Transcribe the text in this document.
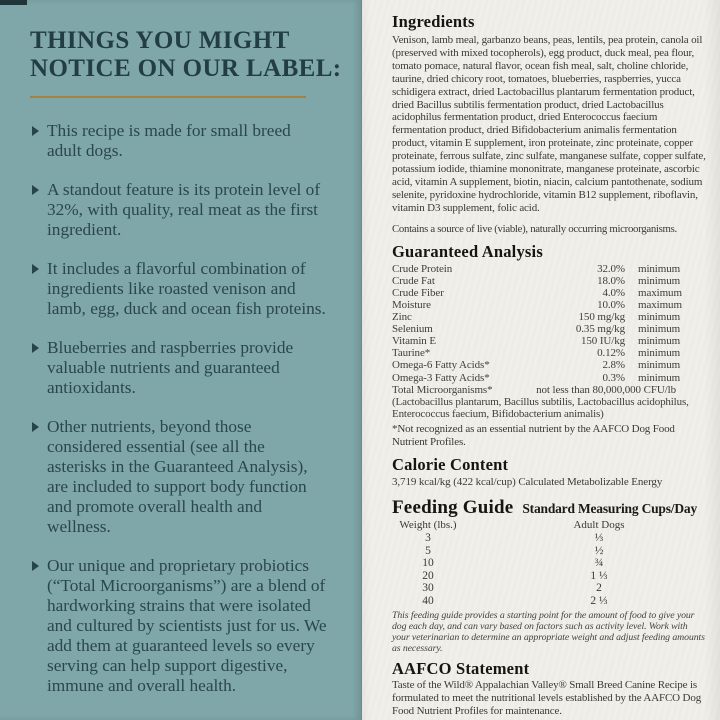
THINGS YOU MIGHT
NOTICE ON OUR LABEL:
This recipe is made for small breed
adult dogs.
A standout feature is its protein level of
32%, with quality, real meat as the first
ingredient.
It includes a flavorful combination of
ingredients like roasted venison and
lamb, egg, duck and ocean fish proteins.
Blueberries and raspberries provide
valuable nutrients and guaranteed
antioxidants.
Other nutrients, beyond those
considered essential (see all the
asterisks in the Guaranteed Analysis),
are included to support body function
and promote overall health and
wellness.
Our unique and proprietary probiotics
(“Total Microorganisms”) are a blend of
hardworking strains that were isolated
and cultured by scientists just for us. We
add them at guaranteed levels so every
serving can help support digestive,
immune and overall health.
Ingredients

Venison, lamb meal, garbanzo beans, peas, lentils, pea protein, canola oil (preserved with mixed tocopherols), egg product, duck meal, pea flour, tomato pomace, natural flavor, ocean fish meal, salt, choline chloride, taurine, dried chicory root, tomatoes, blueberries, raspberries, yucca schidigera extract, dried Lactobacillus plantarum fermentation product, dried Bacillus subtilis fermentation product, dried Lactobacillus acidophilus fermentation product, dried Enterococcus faecium fermentation product, dried Bifidobacterium animalis fermentation product, vitamin E supplement, iron proteinate, zinc proteinate, copper proteinate, ferrous sulfate, zinc sulfate, manganese sulfate, copper sulfate, potassium iodide, thiamine mononitrate, manganese proteinate, ascorbic acid, vitamin A supplement, biotin, niacin, calcium pantothenate, sodium selenite, pyridoxine hydrochloride, vitamin B12 supplement, riboflavin, vitamin D3 supplement, folic acid.

Contains a source of live (viable), naturally occurring microorganisms.

Guaranteed Analysis
Crude Protein	32.0% minimum
Crude Fat	18.0% minimum
Crude Fiber	4.0% maximum
Moisture	10.0% maximum
Zinc	150 mg/kg minimum
Selenium	0.35 mg/kg minimum
Vitamin E	150 IU/kg minimum
Taurine*	0.12% minimum
Omega-6 Fatty Acids*	2.8% minimum
Omega-3 Fatty Acids*	0.3% minimum
Total Microorganisms*	not less than 80,000,000 CFU/lb
(Lactobacillus plantarum, Bacillus subtilis, Lactobacillus acidophilus, Enterococcus faecium, Bifidobacterium animalis)

*Not recognized as an essential nutrient by the AAFCO Dog Food Nutrient Profiles.

Calorie Content

3,719 kcal/kg (422 kcal/cup) Calculated Metabolizable Energy

Feeding Guide Standard Measuring Cups/Day
Weight (lbs.)	Adult Dogs
3	⅓
5	½
10	¾
20	1 ⅓
30	2
40	2 ⅓

This feeding guide provides a starting point for the amount of food to give your dog each day, and can vary based on factors such as activity level. Work with your veterinarian to determine an appropriate weight and adjust feeding amounts as necessary.

AAFCO Statement

Taste of the Wild® Appalachian Valley® Small Breed Canine Recipe is formulated to meet the nutritional levels established by the AAFCO Dog Food Nutrient Profiles for maintenance.
